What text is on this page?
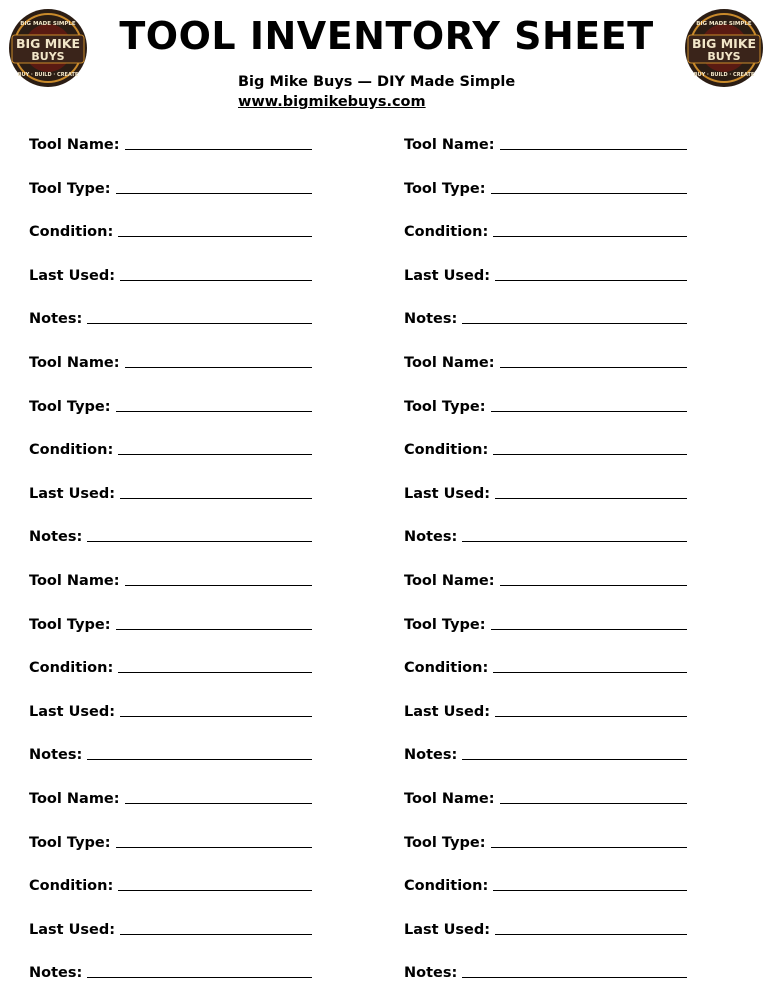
BIG MIKE
BUYS
BIG MADE SIMPLE
BUY · BUILD · CREATE
TOOL INVENTORY SHEET	BIG MIKE
BUYS
BIG MADE SIMPLE
BUY · BUILD · CREATE
Big Mike Buys — DIY Made Simple
www.bigmikebuys.com
Tool Name:
Tool Type:
Condition:
Last Used:
Notes:
Tool Name:
Tool Type:
Condition:
Last Used:
Notes:
Tool Name:
Tool Type:
Condition:
Last Used:
Notes:
Tool Name:
Tool Type:
Condition:
Last Used:
Notes:
Tool Name:
Tool Type:
Condition:
Last Used:
Notes:
Tool Name:
Tool Type:
Condition:
Last Used:
Notes:
Tool Name:
Tool Type:
Condition:
Last Used:
Notes:
Tool Name:
Tool Type:
Condition:
Last Used:
Notes:
